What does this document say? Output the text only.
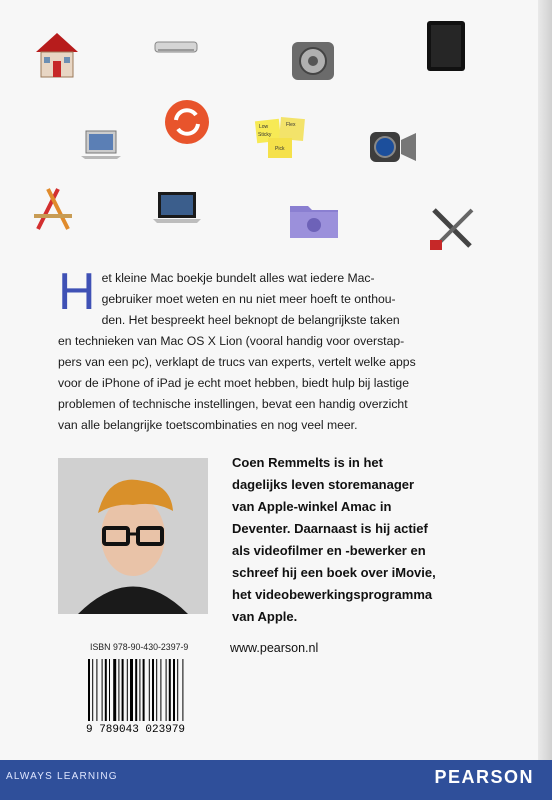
Low	Flex
Sticky
Pick
H et kleine Mac boekje bundelt alles wat iedere Mac-
gebruiker moet weten en nu niet meer hoeft te onthou-
den. Het bespreekt heel beknopt de belangrijkste taken
en technieken van Mac OS X Lion (vooral handig voor overstap-
pers van een pc), verklapt de trucs van experts, vertelt welke apps
voor de iPhone of iPad je echt moet hebben, biedt hulp bij lastige
problemen of technische instellingen, bevat een handig overzicht
van alle belangrijke toetscombinaties en nog veel meer.
Coen Remmelts is in het
dagelijks leven storemanager
van Apple-winkel Amac in
Deventer. Daarnaast is hij actief
als videofilmer en -bewerker en
schreef hij een boek over iMovie,
het videobewerkingsprogramma
van Apple.
ISBN 978-90-430-2397-9	www.pearson.nl
9 789043 023979
ALWAYS LEARNING	PEARSON
